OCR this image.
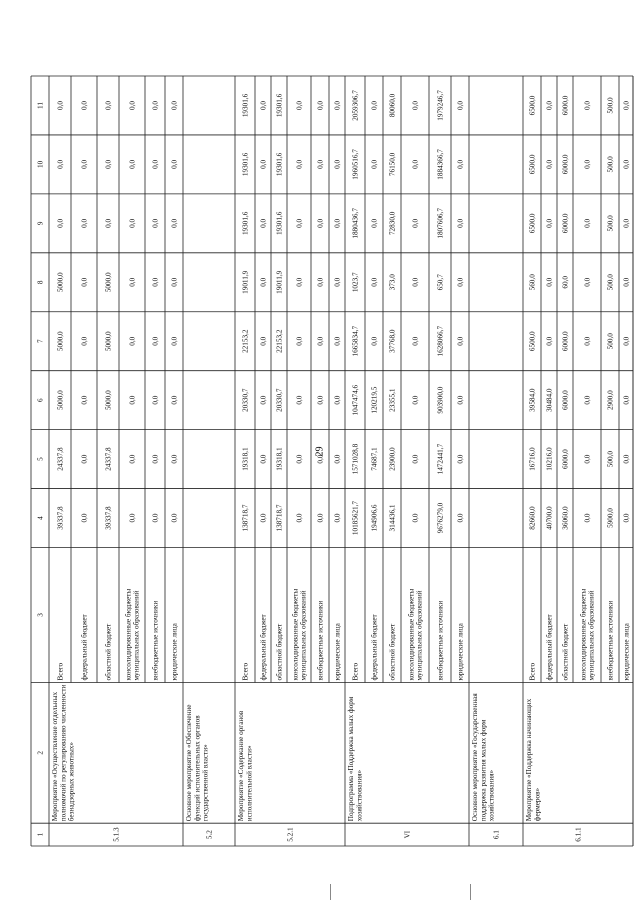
29
1
2
3
4
5
6
7
8
9
10
11
5.1.3
Мероприятие «Осуществление отдельныхполномочий по регулированию численностибезнадзорных животных»
Всего
39337,8
24337,8
5000,0
5000,0
5000,0
0,0
0,0
0,0
федеральный бюджет
0,0
0,0
0,0
0,0
0,0
0,0
0,0
0,0
областной бюджет
39337,8
24337,8
5000,0
5000,0
5000,0
0,0
0,0
0,0
консолидированные бюджетымуниципальных образований
0,0
0,0
0,0
0,0
0,0
0,0
0,0
0,0
внебюджетные источники
0,0
0,0
0,0
0,0
0,0
0,0
0,0
0,0
юридические лица
0,0
0,0
0,0
0,0
0,0
0,0
0,0
0,0
5.2
Основное мероприятие «Обеспечениефункций исполнительных органовгосударственной власти»
5.2.1
Мероприятие «Содержание органовисполнительной власти»
Всего
138718,7
19318,1
20330,7
22153,2
19011,9
19301,6
19301,6
19301,6
федеральный бюджет
0,0
0,0
0,0
0,0
0,0
0,0
0,0
0,0
областной бюджет
138718,7
19318,1
20330,7
22153,2
19011,9
19301,6
19301,6
19301,6
консолидированные бюджетымуниципальных образований
0,0
0,0
0,0
0,0
0,0
0,0
0,0
0,0
внебюджетные источники
0,0
0,0
0,0
0,0
0,0
0,0
0,0
0,0
юридические лица
0,0
0,0
0,0
0,0
0,0
0,0
0,0
0,0
VI
Подпрограмма «Поддержка малых формхозяйствования»
Всего
10185621,7
1571028,8
1047474,6
1665834,7
1023,7
1880436,7
1960516,7
2059306,7
федеральный бюджет
194906,6
74687,1
120219,5
0,0
0,0
0,0
0,0
0,0
областной бюджет
314436,1
23900,0
23355,1
37768,0
373,0
72830,0
76150,0
80060,0
консолидированные бюджетымуниципальных образований
0,0
0,0
0,0
0,0
0,0
0,0
0,0
0,0
внебюджетные источники
9676279,0
1472441,7
903900,0
1628066,7
650,7
1807606,7
1884366,7
1979246,7
юридические лица
0,0
0,0
0,0
0,0
0,0
0,0
0,0
0,0
6.1
Основное мероприятие «Государственнаяподдержка развития малых формхозяйствования»
6.1.1
Мероприятие «Поддержка начинающихфермеров»
Всего
82660,0
16716,0
39584,0
6500,0
560,0
6500,0
6500,0
6500,0
федеральный бюджет
40700,0
10216,0
30484,0
0,0
0,0
0,0
0,0
0,0
областной бюджет
36060,0
6000,0
6000,0
6000,0
60,0
6000,0
6000,0
6000,0
консолидированные бюджетымуниципальных образований
0,0
0,0
0,0
0,0
0,0
0,0
0,0
0,0
внебюджетные источники
5900,0
500,0
2900,0
500,0
500,0
500,0
500,0
500,0
юридические лица
0,0
0,0
0,0
0,0
0,0
0,0
0,0
0,0
